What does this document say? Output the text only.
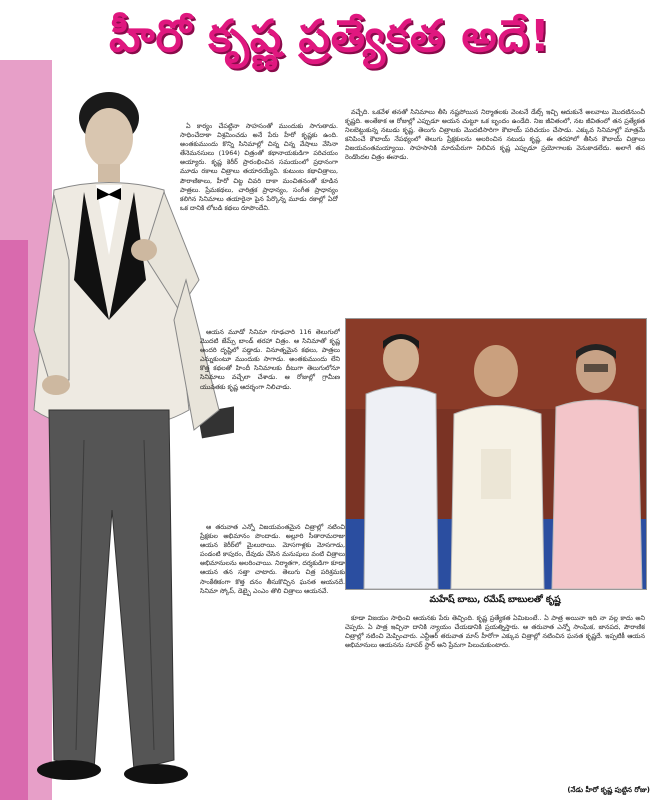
హీరో కృష్ణ ప్రత్యేకత అదే!

ఏ కార్యం చేపట్టినా సాహసంతో ముందుకు సాగుతాడు. సాధించేదాకా విశ్రమించడు అనే పేరు హీరో కృష్ణకు ఉంది. అంతకుముందు కొన్ని సినిమాల్లో చిన్న చిన్న వేషాలు వేసినా తేనెమనసులు (1964) చిత్రంతో కథానాయకుడిగా పరిచయం అయ్యారు. కృష్ణ కెరీర్ ప్రారంభించిన సమయంలో ప్రధానంగా మూడు రకాలు చిత్రాలు తయారయ్యేవి. కుటుంబ కథాచిత్రాలు, పౌరాణికాలు, హీరో చిట్ట చివరి దాకా మంచితనంతో కూడిన పాత్రలు. ప్రేమకథలు, చారిత్రక ప్రాధాన్యం, సంగీత ప్రాధాన్యం కలిగిన సినిమాలు తయారైనా పైన పేర్కొన్న మూడు రకాల్లో ఏదో ఒక దానికి లోబడి కథలు రూపొందేవి.

వచ్చేది. ఒకవేళ తనతో సినిమాలు తీసి నష్టపోయిన నిర్మాతలకు వెంటనే డేట్స్ ఇచ్చి ఆదుకునే అలవాటు మొదటినుంచీ కృష్ణది. అంతేకాక ఆ రోజుల్లో ఎప్పుడూ అయన చుట్టూ ఒక బృందం ఉండేది. నిజ జీవితంలో, నట జీవితంలో తన ప్రత్యేకత నిలబెట్టుకున్న నటుడు కృష్ణ. తెలుగు చిత్రాలకు మొదటిసారిగా కౌబాయ్ పరిచయం చేసాడు. ఎక్కువ సినిమాల్లో మాత్రమే కనిపించే కౌబాయ్ నేపథ్యంలో తెలుగు ప్రేక్షకులను అలరించిన నటుడు కృష్ణ. ఈ తరహాలో తీసిన కౌబాయ్ చిత్రాలు విజయవంతమయ్యాయి. సాహసానికి మారుపేరుగా నిలిచిన కృష్ణ ఎప్పుడూ ప్రయోగాలకు వెనుకాడలేదు. అలాగే తన రెండొందల చిత్రం ఈనాడు.

మహేష్ బాబు, రమేష్ బాబులతో కృష్ణ

ఆయన మూడో సినిమా గూఢచారి 116 తెలుగులో మొదటి జేమ్స్ బాండ్ తరహా చిత్రం. ఆ సినిమాతో కృష్ణ అందరి దృష్టిలో పడ్డాడు. వినూత్నమైన కథలు, పాత్రలు ఎన్నుకుంటూ ముందుకు సాగాడు. అంతకుముందు లేని కొత్త కథలతో హిందీ సినిమాలకు దీటుగా తెలుగులోనూ సినిమాలు వచ్చేలా చేశాడు. ఆ రోజుల్లో గ్రామీణ యువతకు కృష్ణ ఆదర్శంగా నిలిచాడు.

ఆ తరువాత ఎన్నో విజయవంతమైన చిత్రాల్లో నటించి ప్రేక్షకుల అభిమానం పొందాడు. అల్లూరి సీతారామరాజు ఆయన కెరీర్‌లో మైలురాయి. మోసగాళ్లకు మోసగాడు, పండంటి కాపురం, దేవుడు చేసిన మనుషులు వంటి చిత్రాలు అభిమానులను అలరించాయి. నిర్మాతగా, దర్శకుడిగా కూడా ఆయన తన సత్తా చాటారు. తెలుగు చిత్ర పరిశ్రమకు సాంకేతికంగా కొత్త దనం తీసుకొచ్చిన ఘనత ఆయనదే. సినిమా స్కోప్, డెబ్బై ఎంఎం తొలి చిత్రాలు ఆయనవే.

కూడా విజయం సాధించి ఆయనకు పేరు తెచ్చింది. కృష్ణ ప్రత్యేకత ఏమిటంటే.. ఏ పాత్ర అయినా ఇది నా వల్ల కాదు అని చెప్పరు. ఏ పాత్ర ఇచ్చినా దానికి న్యాయం చేయడానికి ప్రయత్నిస్తారు. ఆ తరువాత ఎన్నో సాంఘిక, జానపద, పౌరాణిక చిత్రాల్లో నటించి మెప్పించారు. ఎన్టీఆర్ తరువాత మాస్ హీరోగా ఎక్కువ చిత్రాల్లో నటించిన ఘనత కృష్ణదే. ఇప్పటికీ ఆయన అభిమానులు ఆయనను సూపర్ స్టార్ అని ప్రేమగా పిలుచుకుంటారు.

(నేడు హీరో కృష్ణ పుట్టిన రోజు)
